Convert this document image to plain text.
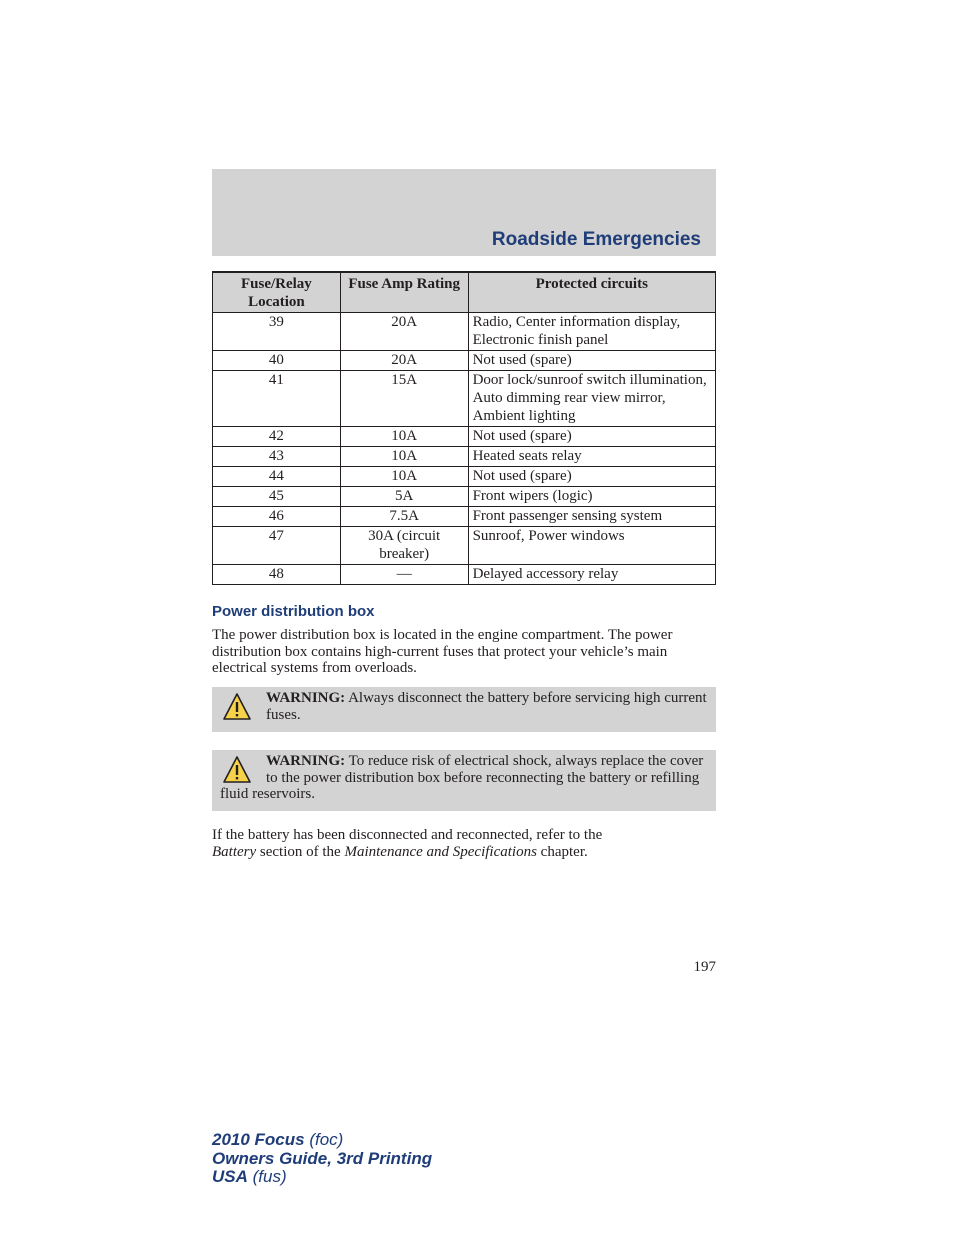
Roadside Emergencies
Fuse/Relay Location	Fuse Amp Rating	Protected circuits
39	20A	Radio, Center information display, Electronic finish panel
40	20A	Not used (spare)
41	15A	Door lock/sunroof switch illumination, Auto dimming rear view mirror, Ambient lighting
42	10A	Not used (spare)
43	10A	Heated seats relay
44	10A	Not used (spare)
45	5A	Front wipers (logic)
46	7.5A	Front passenger sensing system
47	30A (circuit breaker)	Sunroof, Power windows
48	—	Delayed accessory relay
Power distribution box
The power distribution box is located in the engine compartment. The power distribution box contains high-current fuses that protect your vehicle’s main electrical systems from overloads.
WARNING: Always disconnect the battery before servicing high current fuses.
WARNING: To reduce risk of electrical shock, always replace the cover to the power distribution box before reconnecting the battery or refilling fluid reservoirs.
If the battery has been disconnected and reconnected, refer to the
Battery section of the Maintenance and Specifications chapter.
197
2010 Focus (foc)
Owners Guide, 3rd Printing
USA (fus)
